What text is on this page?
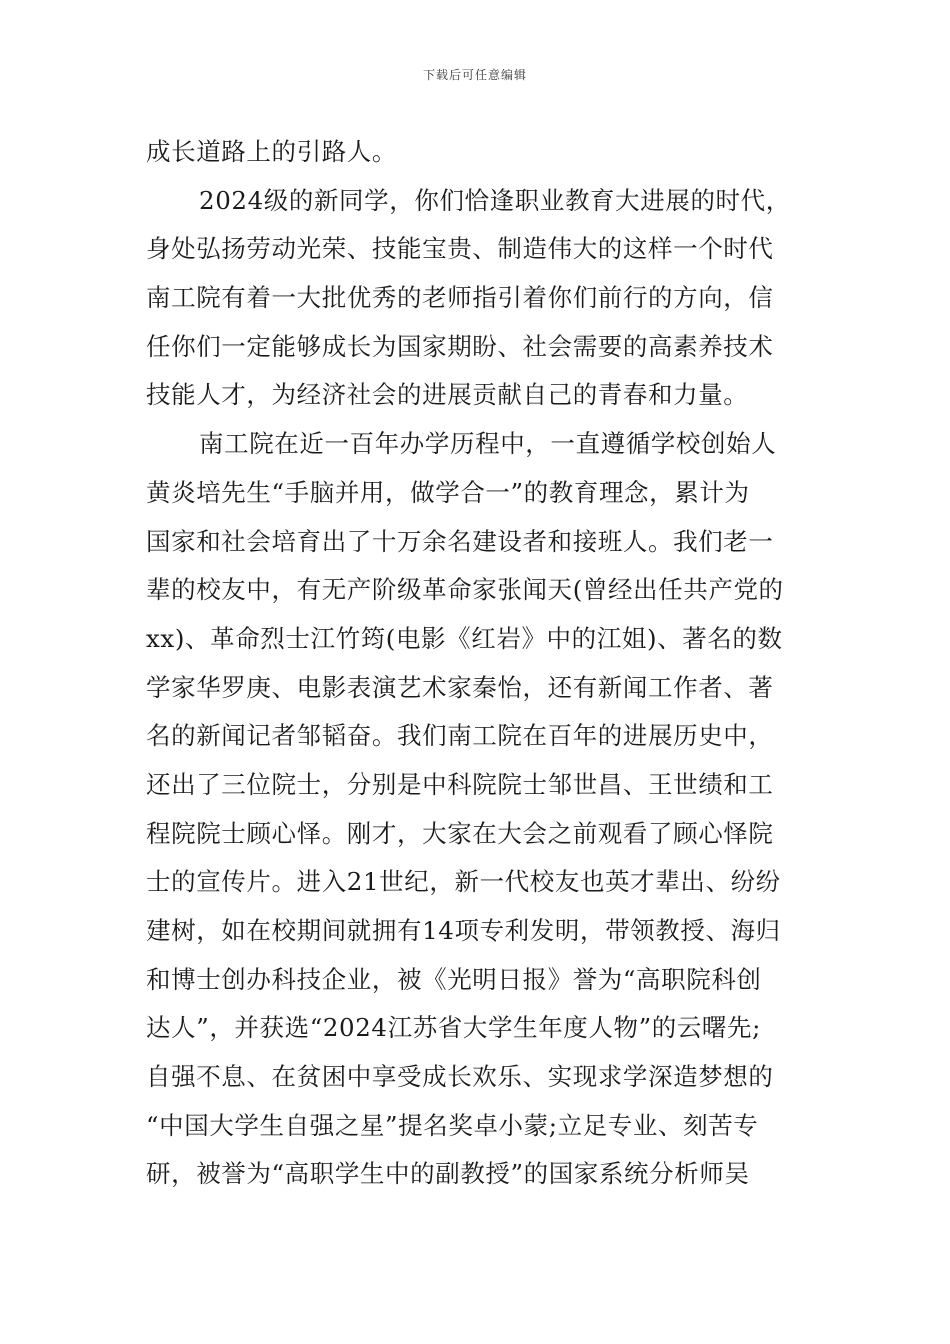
下载后可任意编辑
成长道路上的引路人。
2024级的新同学，你们恰逢职业教育大进展的时代，
身处弘扬劳动光荣、技能宝贵、制造伟大的这样一个时代
南工院有着一大批优秀的老师指引着你们前行的方向，信
任你们一定能够成长为国家期盼、社会需要的高素养技术
技能人才，为经济社会的进展贡献自己的青春和力量。
南工院在近一百年办学历程中，一直遵循学校创始人
黄炎培先生“手脑并用，做学合一”的教育理念，累计为
国家和社会培育出了十万余名建设者和接班人。我们老一
辈的校友中，有无产阶级革命家张闻天(曾经出任共产党的
xx)、革命烈士江竹筠(电影《红岩》中的江姐)、著名的数
学家华罗庚、电影表演艺术家秦怡，还有新闻工作者、著
名的新闻记者邹韬奋。我们南工院在百年的进展历史中，
还出了三位院士，分别是中科院院士邹世昌、王世绩和工
程院院士顾心怿。刚才，大家在大会之前观看了顾心怿院
士的宣传片。进入21世纪，新一代校友也英才辈出、纷纷
建树，如在校期间就拥有14项专利发明，带领教授、海归
和博士创办科技企业，被《光明日报》誉为“高职院科创
达人”，并获选“2024江苏省大学生年度人物”的云曙先;
自强不息、在贫困中享受成长欢乐、实现求学深造梦想的
“中国大学生自强之星”提名奖卓小蒙;立足专业、刻苦专
研，被誉为“高职学生中的副教授”的国家系统分析师吴
